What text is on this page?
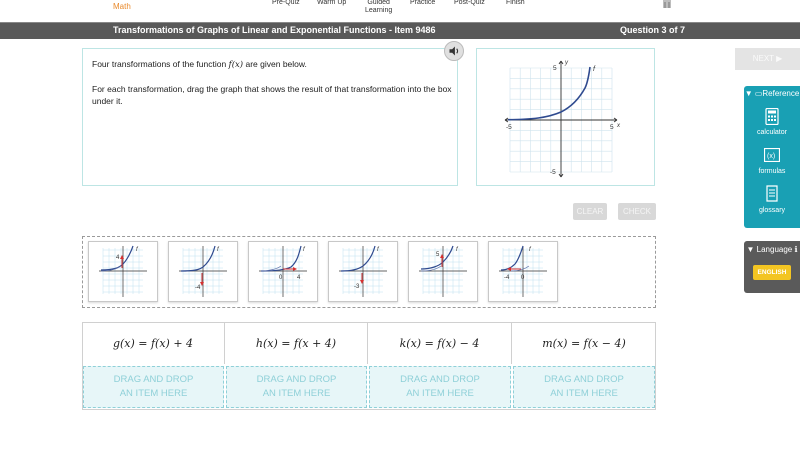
Math	Pre-Quiz Warm Up	Guided
Learning
Practice	Post-Quiz	Finish
Transformations of Graphs of Linear and Exponential Functions - Item 9486	Question 3 of 7

Four transformations of the function f(x) are given below.

For each transformation, drag the graph that shows the result of that transformation into the box under it.

f
y
x
-5	5
5
-5
CLEAR	CHECK
4
f
-4
f
4
0
f
-3
f
5
f
-4 0
f
g(x) = f(x) + 4	h(x) = f(x + 4)	k(x) = f(x) − 4	m(x) = f(x − 4)
DRAG AND DROP
AN ITEM HERE
DRAG AND DROP
AN ITEM HERE
DRAG AND DROP
AN ITEM HERE
DRAG AND DROP
AN ITEM HERE
NEXT ▶
▼ ▭Reference
calculator
(x)
formulas
glossary
▼ Language ℹ
ENGLISH
